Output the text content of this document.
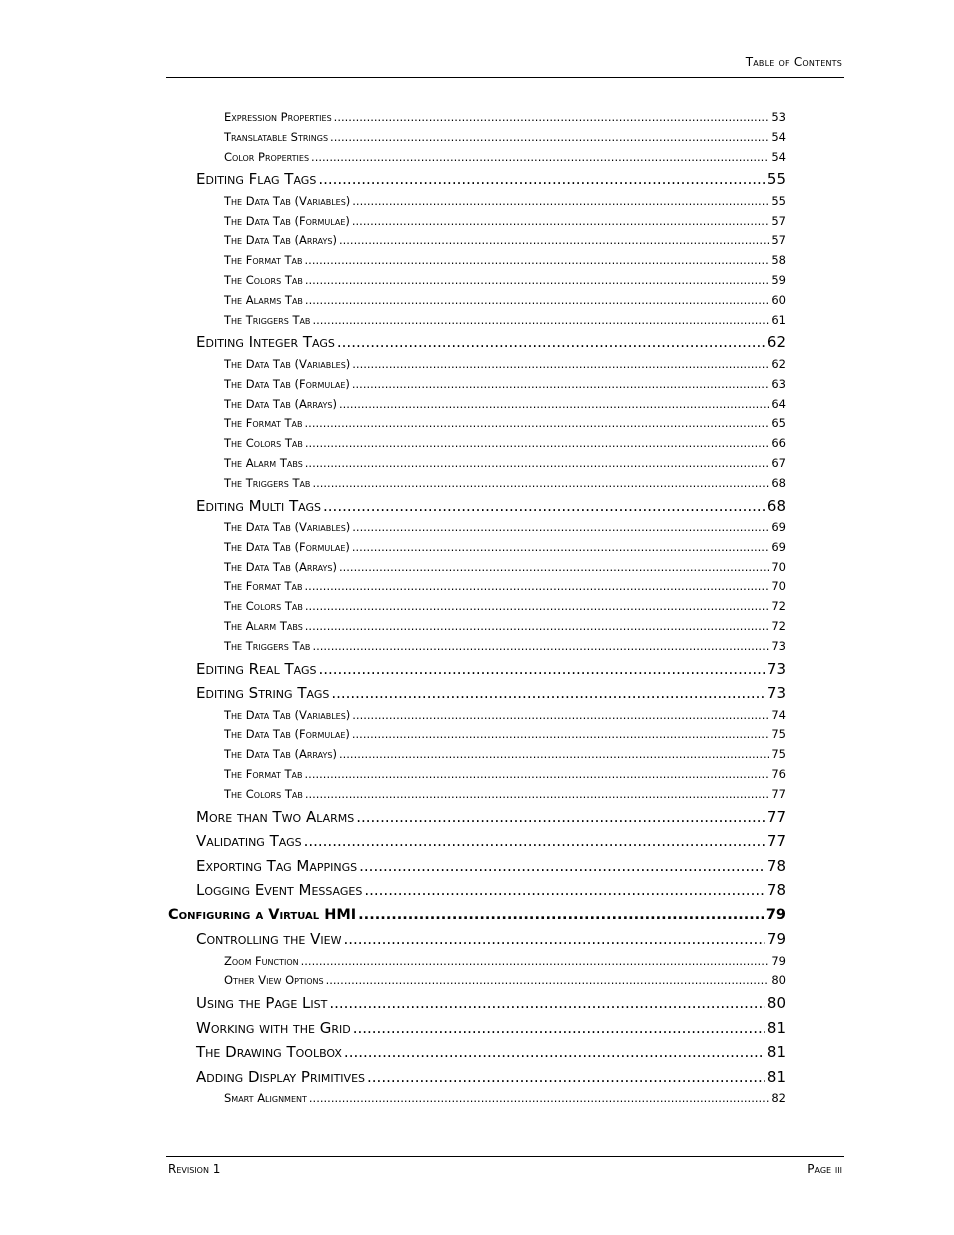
Table of Contents
Expression Properties .....	53
Translatable Strings .....	54
Color Properties .....	54
Editing Flag Tags .....	55
The Data Tab (Variables) .....	55
The Data Tab (Formulae) .....	57
The Data Tab (Arrays) .....	57
The Format Tab .....	58
The Colors Tab .....	59
The Alarms Tab .....	60
The Triggers Tab .....	61
Editing Integer Tags .....	62
The Data Tab (Variables) .....	62
The Data Tab (Formulae) .....	63
The Data Tab (Arrays) .....	64
The Format Tab .....	65
The Colors Tab .....	66
The Alarm Tabs .....	67
The Triggers Tab .....	68
Editing Multi Tags .....	68
The Data Tab (Variables) .....	69
The Data Tab (Formulae) .....	69
The Data Tab (Arrays) .....	70
The Format Tab .....	70
The Colors Tab .....	72
The Alarm Tabs .....	72
The Triggers Tab .....	73
Editing Real Tags .....	73
Editing String Tags .....	73
The Data Tab (Variables) .....	74
The Data Tab (Formulae) .....	75
The Data Tab (Arrays) .....	75
The Format Tab .....	76
The Colors Tab .....	77
More than Two Alarms .....	77
Validating Tags .....	77
Exporting Tag Mappings .....	78
Logging Event Messages .....	78
Configuring a Virtual HMI .....	79
Controlling the View .....	79
Zoom Function .....	79
Other View Options .....	80
Using the Page List .....	80
Working with the Grid .....	81
The Drawing Toolbox .....	81
Adding Display Primitives .....	81
Smart Alignment .....	82
Revision 1	Page iii
